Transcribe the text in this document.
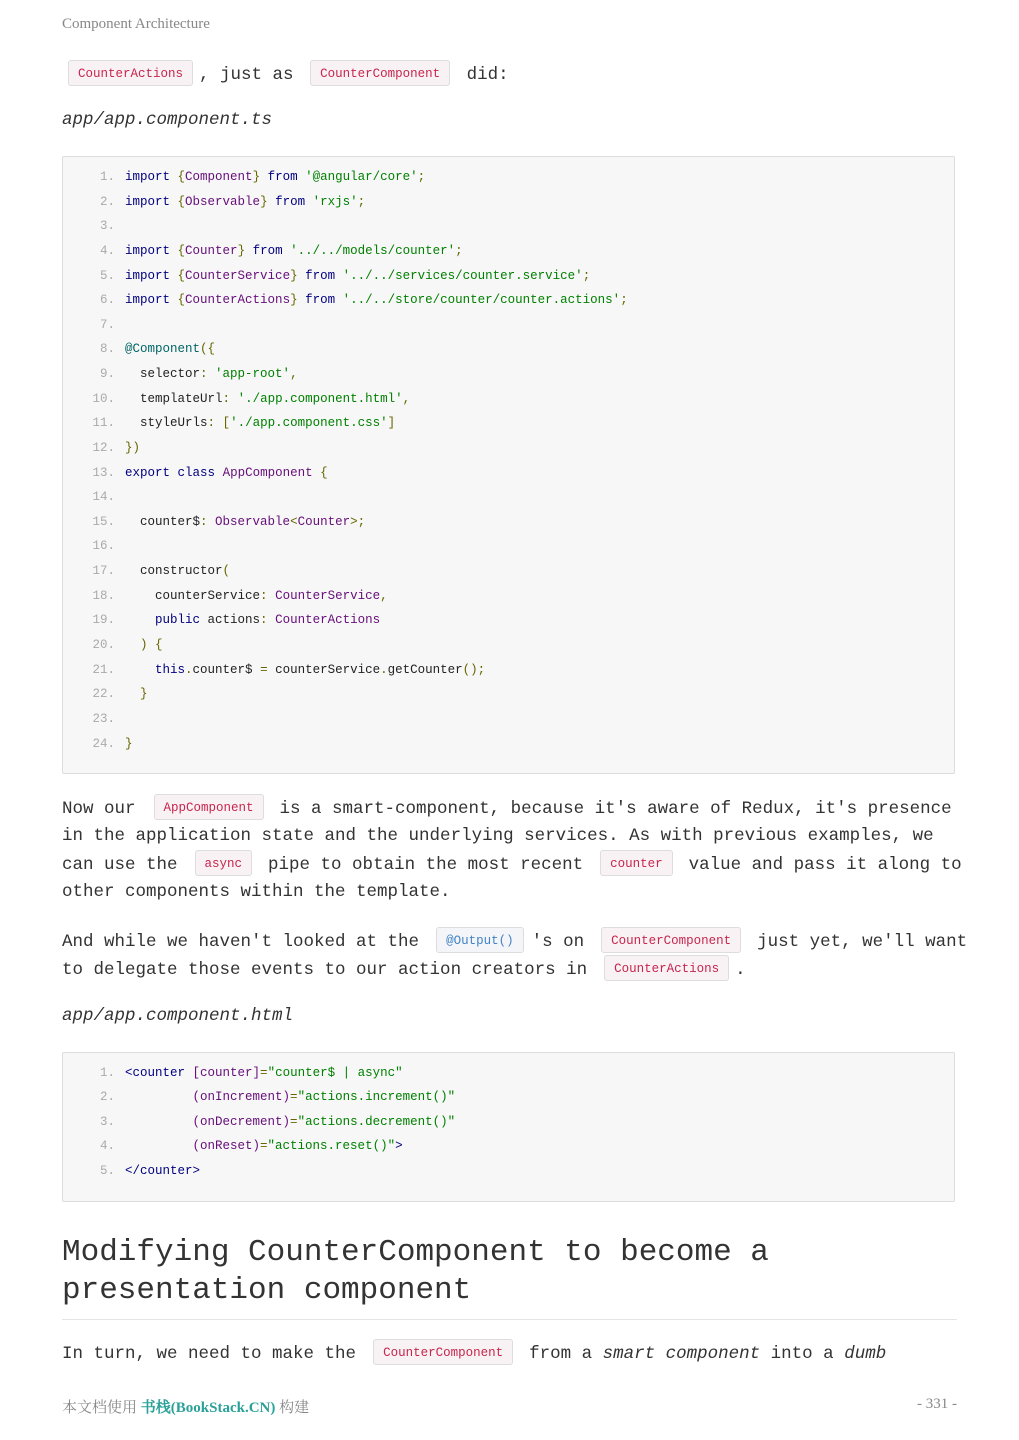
Component Architecture
CounterActions , just as CounterComponent did:
app/app.component.ts
1. import {Component} from '@angular/core';
2. import {Observable} from 'rxjs';
3.
4. import {Counter} from '../../models/counter';
5. import {CounterService} from '../../services/counter.service';
6. import {CounterActions} from '../../store/counter/counter.actions';
7.
8. @Component({
9.  selector: 'app-root',
10.  templateUrl: './app.component.html',
11.  styleUrls: ['./app.component.css']
12. })
13. export class AppComponent {
14.
15.  counter$: Observable<Counter>;
16.
17.  constructor(
18.    counterService: CounterService,
19.	public actions: CounterActions
20. ) {
21.	this.counter$ = counterService.getCounter();
22. }
23.
24. }
Now our AppComponent is a smart-component, because it's aware of Redux, it's presence
in the application state and the underlying services. As with previous examples, we
can use the async pipe to obtain the most recent counter value and pass it along to
other components within the template.
And while we haven't looked at the @Output() 's on CounterComponent just yet, we'll want
to delegate those events to our action creators in CounterActions .
app/app.component.html
1. <counter [counter]="counter$ | async"
2.	(onIncrement)="actions.increment()"
3.	(onDecrement)="actions.decrement()"
4.	(onReset)="actions.reset()">
5. </counter>
Modifying CounterComponent to become a
presentation component
In turn, we need to make the CounterComponent from a smart component into a dumb
本文档使用 书栈(BookStack.CN) 构建	- 331 -
